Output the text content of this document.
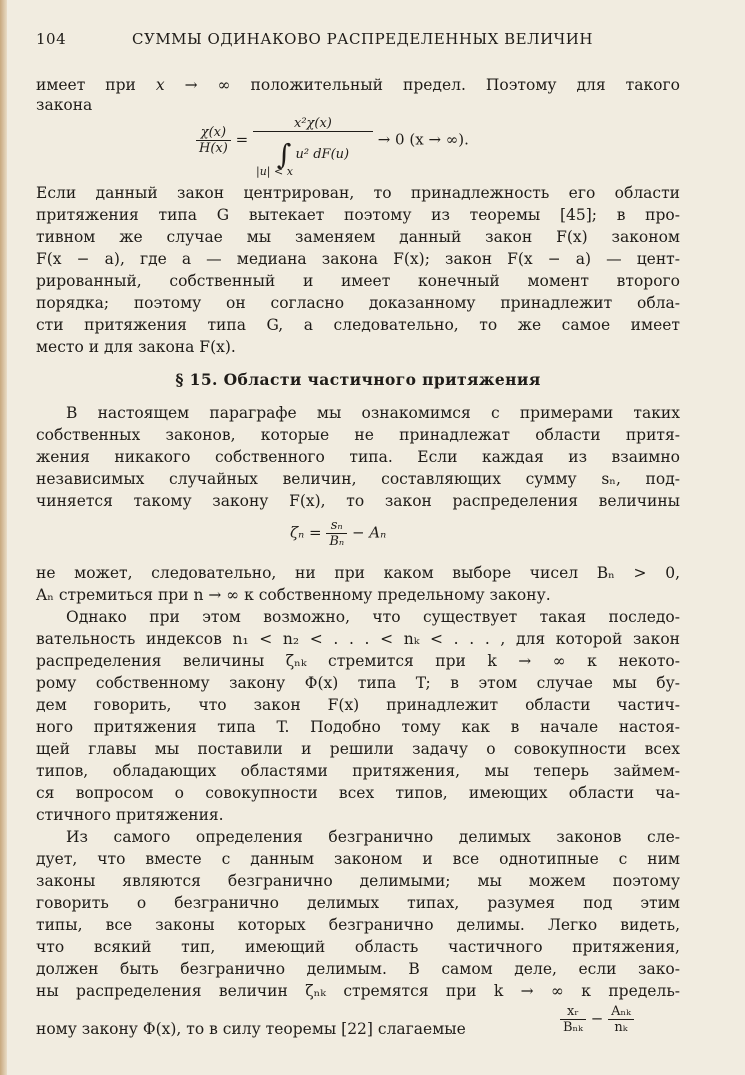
104	СУММЫ ОДИНАКОВО РАСПРЕДЕЛЕННЫХ ВЕЛИЧИН
имеет при x → ∞ положительный предел. Поэтому для такого
закона
$\frac{\chi(x)}{H(x)} = \frac{\text{x²χ(x)}}{\text{∫ u² dF(u)}} \to 0$ (x → ∞).
|u| < x
Если данный закон центрирован, то принадлежность его области
притяжения типа G вытекает поэтому из теоремы [45]; в про-
тивном же случае мы заменяем данный закон F(x) законом
F(x − a), где a — медиана закона F(x); закон F(x − a) — цент-
рированный, собственный и имеет конечный момент второго
порядка; поэтому он согласно доказанному принадлежит обла-
сти притяжения типа G, а следовательно, то же самое имеет
место и для закона F(x).
§ 15. Области частичного притяжения
В настоящем параграфе мы ознакомимся с примерами таких
собственных законов, которые не принадлежат области притя-
жения никакого собственного типа. Если каждая из взаимно
независимых случайных величин, составляющих сумму sₙ, под-
чиняется такому закону F(x), то закон распределения величины
$\zeta_n = \frac{\text{sₙ}}{\text{Bₙ}} - A_n$
не может, следовательно, ни при каком выборе чисел Bₙ > 0,
Aₙ стремиться при n → ∞ к собственному предельному закону.
Однако при этом возможно, что существует такая последо-
вательность индексов n₁ < n₂ < . . . < nₖ < . . . , для которой закон
распределения величины ζₙₖ стремится при k → ∞ к некото-
рому собственному закону Φ(x) типа T; в этом случае мы бу-
дем говорить, что закон F(x) принадлежит области частич-
ного притяжения типа T. Подобно тому как в начале настоя-
щей главы мы поставили и решили задачу о совокупности всех
типов, обладающих областями притяжения, мы теперь займем-
ся вопросом о совокупности всех типов, имеющих области ча-
стичного притяжения.
Из самого определения безгранично делимых законов сле-
дует, что вместе с данным законом и все однотипные с ним
законы являются безгранично делимыми; мы можем поэтому
говорить о безгранично делимых типах, разумея под этим
типы, все законы которых безгранично делимы. Легко видеть,
что всякий тип, имеющий область частичного притяжения,
должен быть безгранично делимым. В самом деле, если зако-
ны распределения величин ζₙₖ стремятся при k → ∞ к предель-
ному закону Φ(x), то в силу теоремы [22] слагаемые	$\frac{\text{xᵣ}}{\text{Bₙₖ}} - \frac{\text{Aₙₖ}}{\text{nₖ}}$
